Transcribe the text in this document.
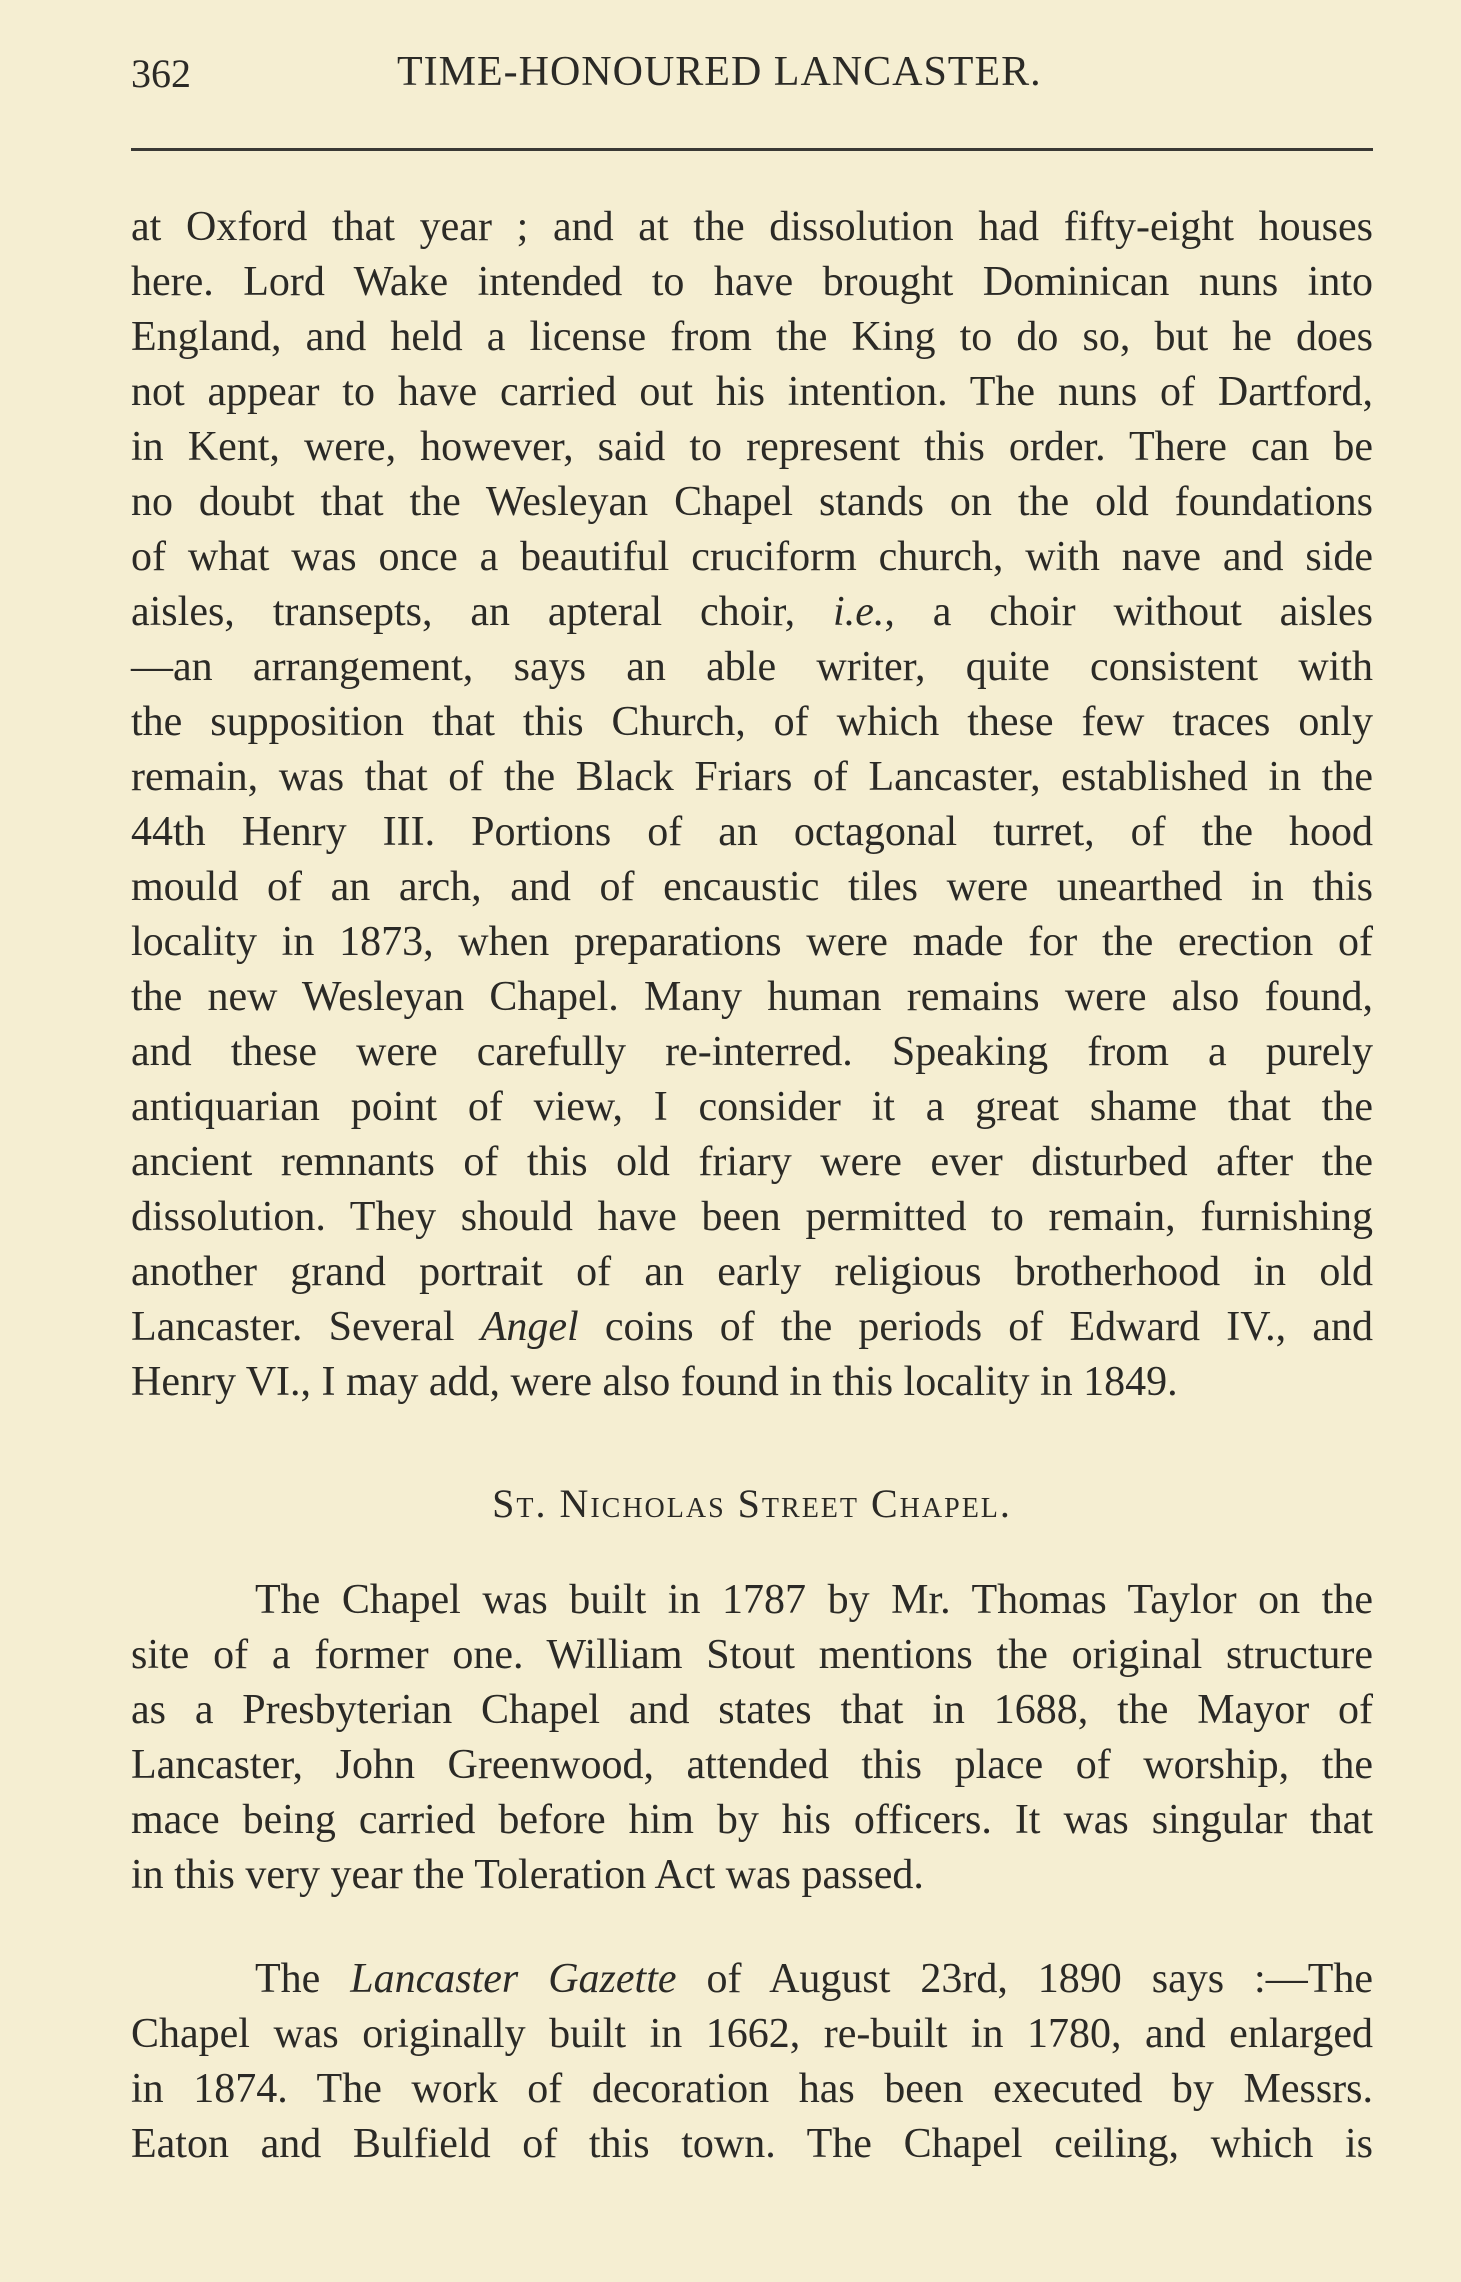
362	TIME-HONOURED LANCASTER.
at Oxford that year ; and at the dissolution had fifty-eight houses
here. Lord Wake intended to have brought Dominican nuns into
England, and held a license from the King to do so, but he does
not appear to have carried out his intention. The nuns of Dartford,
in Kent, were, however, said to represent this order. There can be
no doubt that the Wesleyan Chapel stands on the old foundations
of what was once a beautiful cruciform church, with nave and side
aisles, transepts, an apteral choir, i.e., a choir without aisles
—an arrangement, says an able writer, quite consistent with
the supposition that this Church, of which these few traces only
remain, was that of the Black Friars of Lancaster, established in the
44th Henry III. Portions of an octagonal turret, of the hood
mould of an arch, and of encaustic tiles were unearthed in this
locality in 1873, when preparations were made for the erection of
the new Wesleyan Chapel. Many human remains were also found,
and these were carefully re-interred. Speaking from a purely
antiquarian point of view, I consider it a great shame that the
ancient remnants of this old friary were ever disturbed after the
dissolution. They should have been permitted to remain, furnishing
another grand portrait of an early religious brotherhood in old
Lancaster. Several Angel coins of the periods of Edward IV., and
Henry VI., I may add, were also found in this locality in 1849.
St. Nicholas Street Chapel.
The Chapel was built in 1787 by Mr. Thomas Taylor on the
site of a former one. William Stout mentions the original structure
as a Presbyterian Chapel and states that in 1688, the Mayor of
Lancaster, John Greenwood, attended this place of worship, the
mace being carried before him by his officers. It was singular that
in this very year the Toleration Act was passed.
The Lancaster Gazette of August 23rd, 1890 says :—The
Chapel was originally built in 1662, re-built in 1780, and enlarged
in 1874. The work of decoration has been executed by Messrs.
Eaton and Bulfield of this town. The Chapel ceiling, which is
